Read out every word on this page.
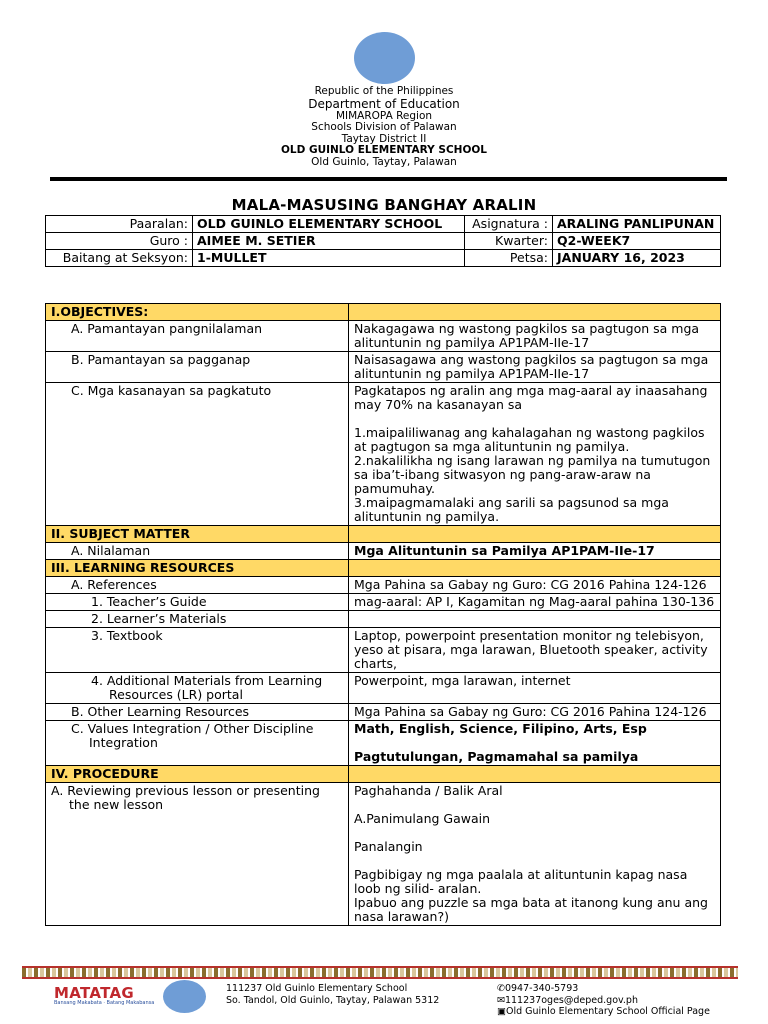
Republic of the Philippines
Department of Education
MIMAROPA Region
Schools Division of Palawan
Taytay District II
OLD GUINLO ELEMENTARY SCHOOL
Old Guinlo, Taytay, Palawan
MALA-MASUSING BANGHAY ARALIN
Paaralan:	OLD GUINLO ELEMENTARY SCHOOL	Asignatura :	ARALING PANLIPUNAN
Guro :	AIMEE M. SETIER	Kwarter:	Q2-WEEK7
Baitang at Seksyon:	1-MULLET	Petsa:	JANUARY 16, 2023
I.OBJECTIVES:	
A. Pamantayan pangnilalaman	Nakagagawa ng wastong pagkilos sa pagtugon sa mga alituntunin ng pamilya AP1PAM-IIe-17
B. Pamantayan sa pagganap	Naisasagawa ang wastong pagkilos sa pagtugon sa mga alituntunin ng pamilya AP1PAM-IIe-17
C. Mga kasanayan sa pagkatuto	Pagkatapos ng aralin ang mga mag-aaral ay inaasahang may 70% na kasanayan sa
1.maipaliliwanag ang kahalagahan ng wastong pagkilos at pagtugon sa mga alituntunin ng pamilya.
2.nakalilikha ng isang larawan ng pamilya na tumutugon sa iba’t-ibang sitwasyon ng pang-araw-araw na pamumuhay.
3.maipagmamalaki ang sarili sa pagsunod sa mga alituntunin ng pamilya.

II. SUBJECT MATTER	
A. Nilalaman	Mga Alituntunin sa Pamilya AP1PAM-IIe-17
III. LEARNING RESOURCES	
A. References	Mga Pahina sa Gabay ng Guro: CG 2016 Pahina 124-126
1. Teacher’s Guide	mag-aaral: AP I, Kagamitan ng Mag-aaral pahina 130-136
2. Learner’s Materials	
3. Textbook	Laptop, powerpoint presentation monitor ng telebisyon, yeso at pisara, mga larawan, Bluetooth speaker, activity charts,

4. Additional Materials from Learning Resources (LR) portal	Powerpoint, mga larawan, internet
B. Other Learning Resources	Mga Pahina sa Gabay ng Guro: CG 2016 Pahina 124-126

C. Values Integration / Other Discipline Integration	Math, English, Science, Filipino, Arts, Esp
Pagtutulungan, Pagmamahal sa pamilya

IV. PROCEDURE	

A. Reviewing previous lesson or presenting the new lesson	Paghahanda / Balik Aral
A.Panimulang Gawain
Panalangin
Pagbibigay ng mga paalala at alituntunin kapag nasa loob ng silid- aralan.
Ipabuo ang puzzle sa mga bata at itanong kung anu ang nasa larawan?)
MATATAG
Bansang Makabata · Batang Makabansa
111237 Old Guinlo Elementary School
So. Tandol, Old Guinlo, Taytay, Palawan 5312
✆0947-340-5793
✉111237oges@deped.gov.ph
▣Old Guinlo Elementary School Official Page
